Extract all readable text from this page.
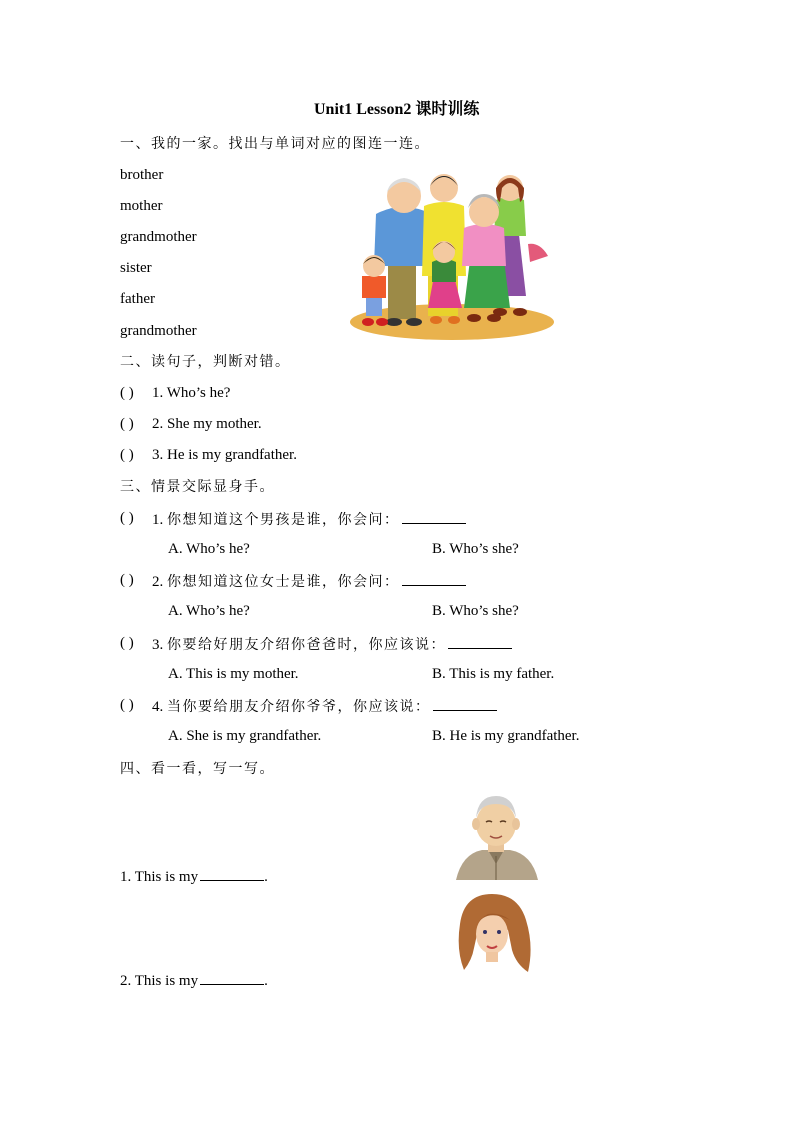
Unit1 Lesson2 课时训练
一、我的一家。找出与单词对应的图连一连。
brother
mother
grandmother
sister
father
grandmother
二、读句子，判断对错。
( ) 1. Who’s he?
( ) 2. She my mother.
( ) 3. He is my grandfather.
三、情景交际显身手。
( ) 1. 你想知道这个男孩是谁，你会问：
A. Who’s he?	B. Who’s she?
( ) 2. 你想知道这位女士是谁，你会问：
A. Who’s he?	B. Who’s she?
( ) 3. 你要给好朋友介绍你爸爸时，你应该说：
A. This is my mother.	B. This is my father.
( ) 4. 当你要给朋友介绍你爷爷，你应该说：
A. She is my grandfather.	B. He is my grandfather.
四、看一看，写一写。
1. This is my	.
2. This is my	.
